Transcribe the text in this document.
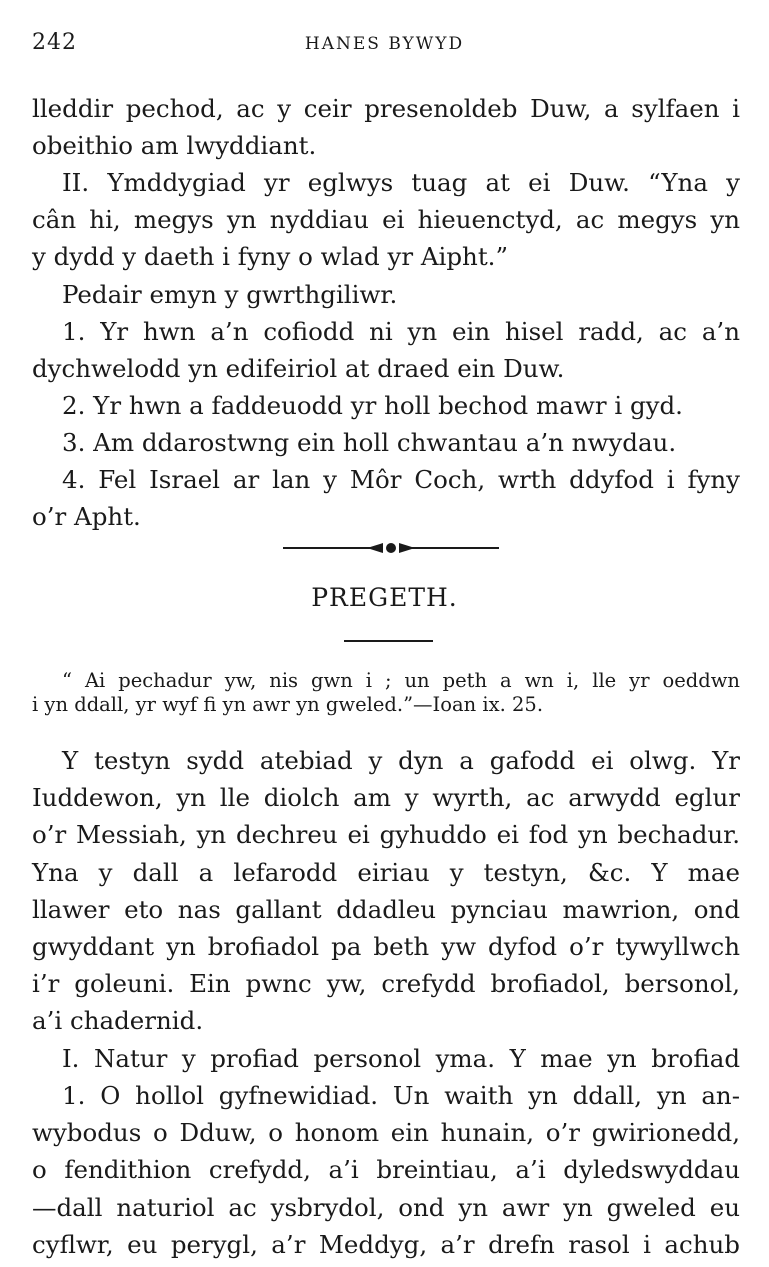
242	HANES BYWYD
lleddir pechod, ac y ceir presenoldeb Duw, a sylfaen i
obeithio am lwyddiant.
II. Ymddygiad yr eglwys tuag at ei Duw. “Yna y
cân hi, megys yn nyddiau ei hieuenctyd, ac megys yn
y dydd y daeth i fyny o wlad yr Aipht.”
Pedair emyn y gwrthgiliwr.
1. Yr hwn a’n cofiodd ni yn ein hisel radd, ac a’n
dychwelodd yn edifeiriol at draed ein Duw.
2. Yr hwn a faddeuodd yr holl bechod mawr i gyd.
3. Am ddarostwng ein holl chwantau a’n nwydau.
4. Fel Israel ar lan y Môr Coch, wrth ddyfod i fyny
o’r Apht.
PREGETH.
“ Ai pechadur yw, nis gwn i ; un peth a wn i, lle yr oeddwn
i yn ddall, yr wyf fi yn awr yn gweled.”—Ioan ix. 25.
Y testyn sydd atebiad y dyn a gafodd ei olwg. Yr
Iuddewon, yn lle diolch am y wyrth, ac arwydd eglur
o’r Messiah, yn dechreu ei gyhuddo ei fod yn bechadur.
Yna y dall a lefarodd eiriau y testyn, &c. Y mae
llawer eto nas gallant ddadleu pynciau mawrion, ond
gwyddant yn brofiadol pa beth yw dyfod o’r tywyllwch
i’r goleuni. Ein pwnc yw, crefydd brofiadol, bersonol,
a’i chadernid.
I. Natur y profiad personol yma. Y mae yn brofiad
1. O hollol gyfnewidiad. Un waith yn ddall, yn an-
wybodus o Dduw, o honom ein hunain, o’r gwirionedd,
o fendithion crefydd, a’i breintiau, a’i dyledswyddau
—dall naturiol ac ysbrydol, ond yn awr yn gweled eu
cyflwr, eu perygl, a’r Meddyg, a’r drefn rasol i achub
